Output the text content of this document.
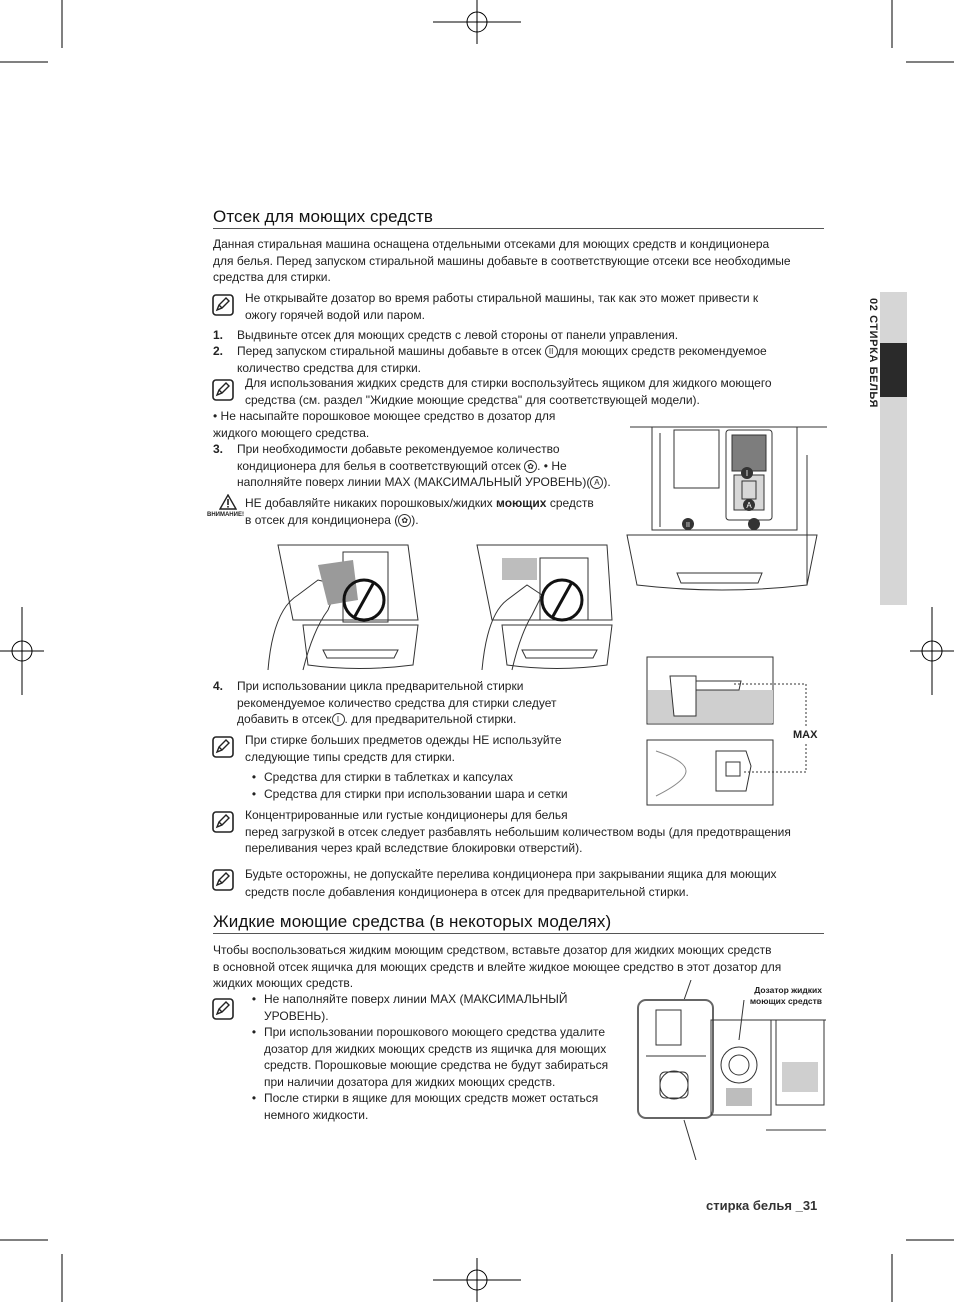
02 СТИРКА БЕЛЬЯ
Отсек для моющих средств
Данная стиральная машина оснащена отдельными отсеками для моющих средств и кондиционера
для белья. Перед запуском стиральной машины добавьте в соответствующие отсеки все необходимые
средства для стирки.
Не открывайте дозатор во время работы стиральной машины, так как это может привести к
ожогу горячей водой или паром.
1. Выдвиньте отсек для моющих средств с левой стороны от панели управления.
2. Перед запуском стиральной машины добавьте в отсек II для моющих средств рекомендуемое
количество средства для стирки.
Для использования жидких средств для стирки воспользуйтесь ящиком для жидкого моющего
средства (см. раздел "Жидкие моющие средства" для соответствующей модели).
• Не насыпайте порошковое моющее средство в дозатор для
жидкого моющего средства.
3. При необходимости добавьте рекомендуемое количество
кондиционера для белья в соответствующий отсек ✿ . • Не
наполняйте поверх линии MAX (МАКСИМАЛЬНЫЙ УРОВЕНЬ)( A ).
ВНИМАНИЕ!
НЕ добавляйте никаких порошковых/жидких моющих средств
в отсек для кондиционера ( ✿ ).
I
A
II
4. При использовании цикла предварительной стирки
рекомендуемое количество средства для стирки следует
добавить в отсек I . для предварительной стирки.
MAX
При стирке больших предметов одежды НЕ используйте
следующие типы средств для стирки.
• Средства для стирки в таблетках и капсулах
• Средства для стирки при использовании шара и сетки
Концентрированные или густые кондиционеры для белья
перед загрузкой в отсек следует разбавлять небольшим количеством воды (для предотвращения
переливания через край вследствие блокировки отверстий).
Будьте осторожны, не допускайте перелива кондиционера при закрывании ящика для моющих
средств после добавления кондиционера в отсек для предварительной стирки.
Жидкие моющие средства (в некоторых моделях)
Чтобы воспользоваться жидким моющим средством, вставьте дозатор для жидких моющих средств
в основной отсек ящичка для моющих средств и влейте жидкое моющее средство в этот дозатор для
жидких моющих средств.
• Не наполняйте поверх линии MAX (МАКСИМАЛЬНЫЙ
УРОВЕНЬ).
• При использовании порошкового моющего средства удалите
дозатор для жидких моющих средств из ящичка для моющих
средств. Порошковые моющие средства не будут забираться
при наличии дозатора для жидких моющих средств.
• После стирки в ящике для моющих средств может остаться
немного жидкости.
Дозатор жидких
моющих средств
стирка белья _31
